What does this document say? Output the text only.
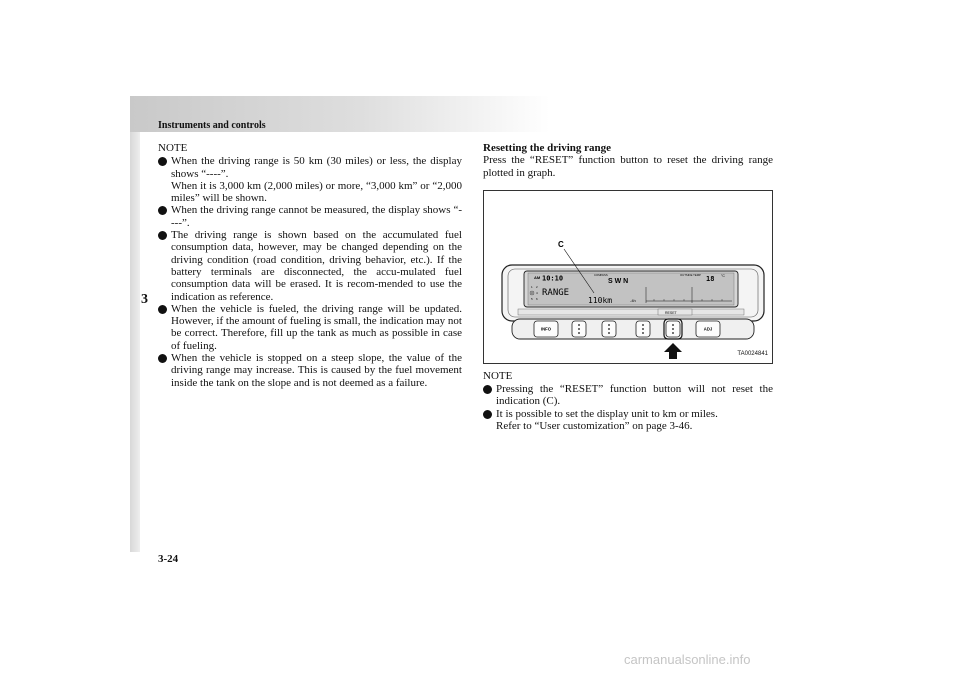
Instruments and controls
3

NOTE

When the driving range is 50 km (30 miles) or less, the display shows “----”.
When it is 3,000 km (2,000 miles) or more, “3,000 km” or “2,000 miles” will be shown.
When the driving range cannot be measured, the display shows “----”.
The driving range is shown based on the accumulated fuel consumption data, however, may be changed depending on the driving condition (road condition, driving behavior, etc.). If the battery terminals are disconnected, the accu-mulated fuel consumption data will be erased. It is recom-mended to use the indication as reference.
When the vehicle is fueled, the driving range will be updated. However, if the amount of fueling is small, the indication may not be correct. Therefore, fill up the tank as much as possible in case of fueling.
When the vehicle is stopped on a steep slope, the value of the driving range may increase. This is caused by the fuel movement inside the tank on the slope and is not deemed as a failure.

Resetting the driving range

Press the “RESET” function button to reset the driving range plotted in graph.

AM 10:10	COMPASS
S W N
OUTSIDE TEMP 18 °C
1 2
3 4
5 6
RANGE
110km	-4h
C
RESET
INFO	ADJ
TA0024841

NOTE

Pressing the “RESET” function button will not reset the indication (C).
It is possible to set the display unit to km or miles.
Refer to “User customization” on page 3-46.
3-24
carmanualsonline.info
